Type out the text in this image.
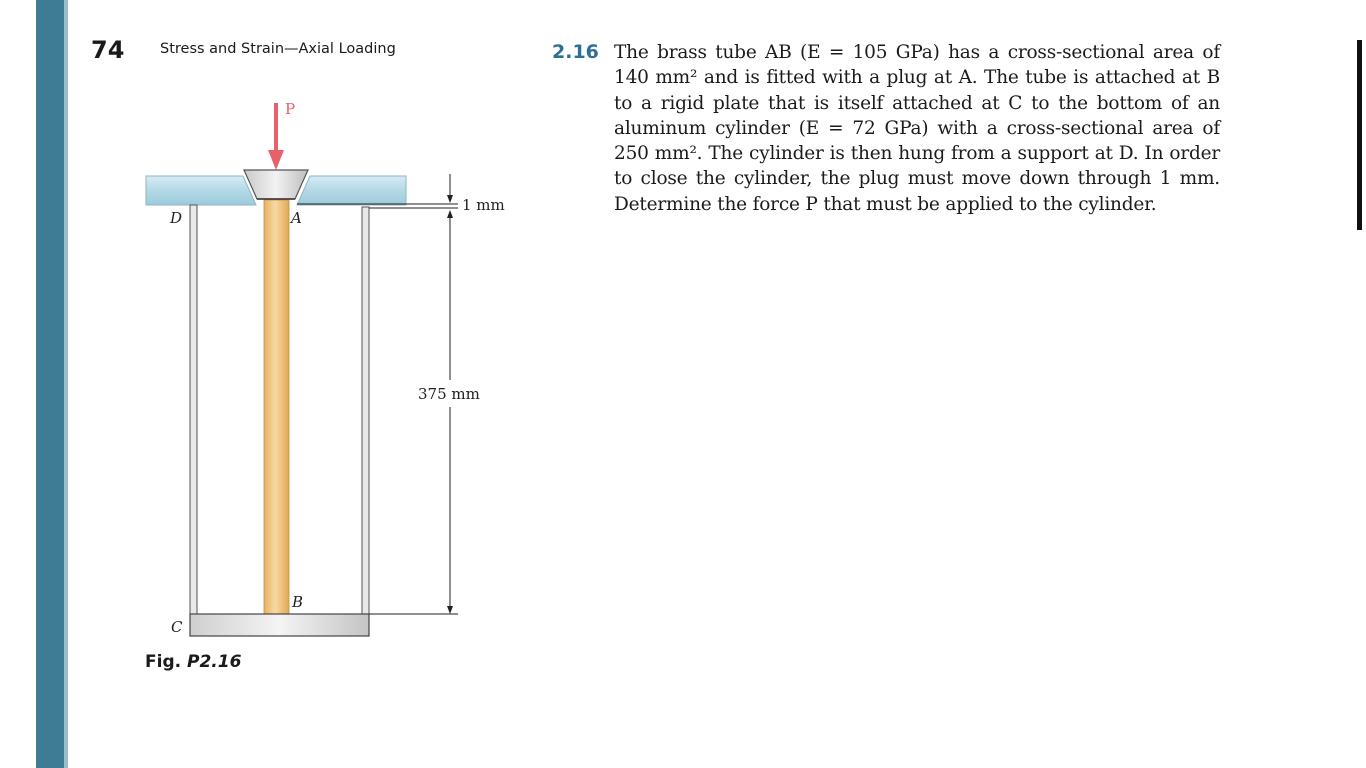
74 Stress and Strain—Axial Loading	2.16 The brass tube AB (E = 105 GPa) has a cross-sectional area of
140 mm² and is fitted with a plug at A. The tube is attached at B
to a rigid plate that is itself attached at C to the bottom of an
aluminum cylinder (E = 72 GPa) with a cross-sectional area of
250 mm². The cylinder is then hung from a support at D. In order
to close the cylinder, the plug must move down through 1 mm.
Determine the force P that must be applied to the cylinder.
P
A
D
B
C
1 mm
375 mm
Fig. P2.16
